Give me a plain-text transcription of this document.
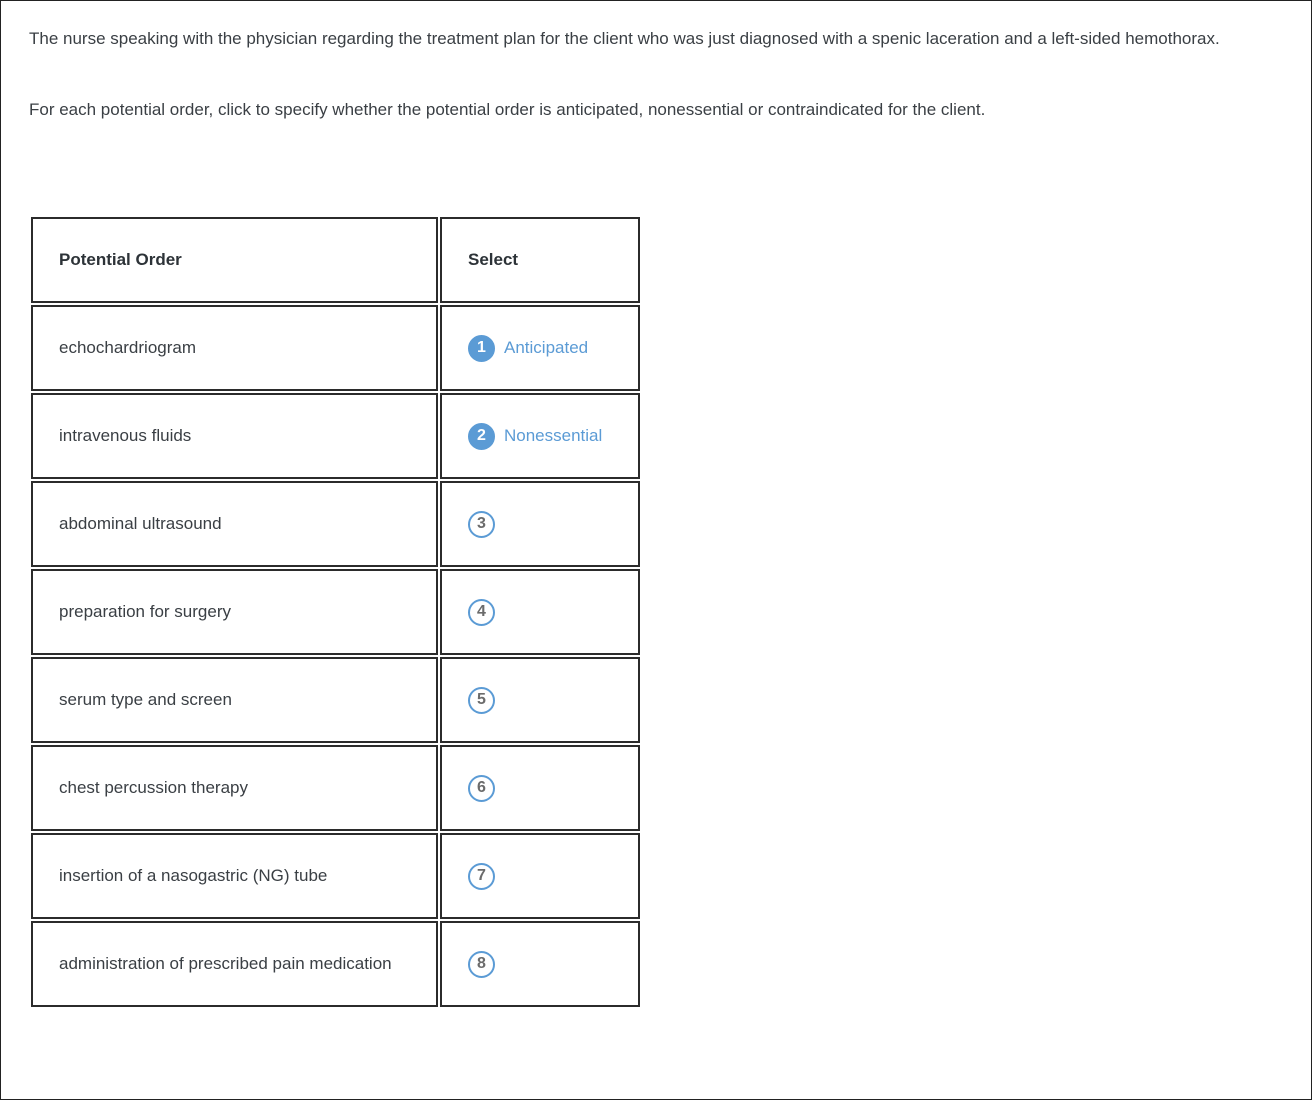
The nurse speaking with the physician regarding the treatment plan for the client who was just diagnosed with a spenic laceration and a left-sided hemothorax.

For each potential order, click to specify whether the potential order is anticipated, nonessential or contraindicated for the client.

Potential Order	Select
echochardriogram	1 Anticipated

intravenous fluids	2 Nonessential

abdominal ultrasound	3

preparation for surgery	4

serum type and screen	5

chest percussion therapy	6

insertion of a nasogastric (NG) tube	7

administration of prescribed pain medication	8
